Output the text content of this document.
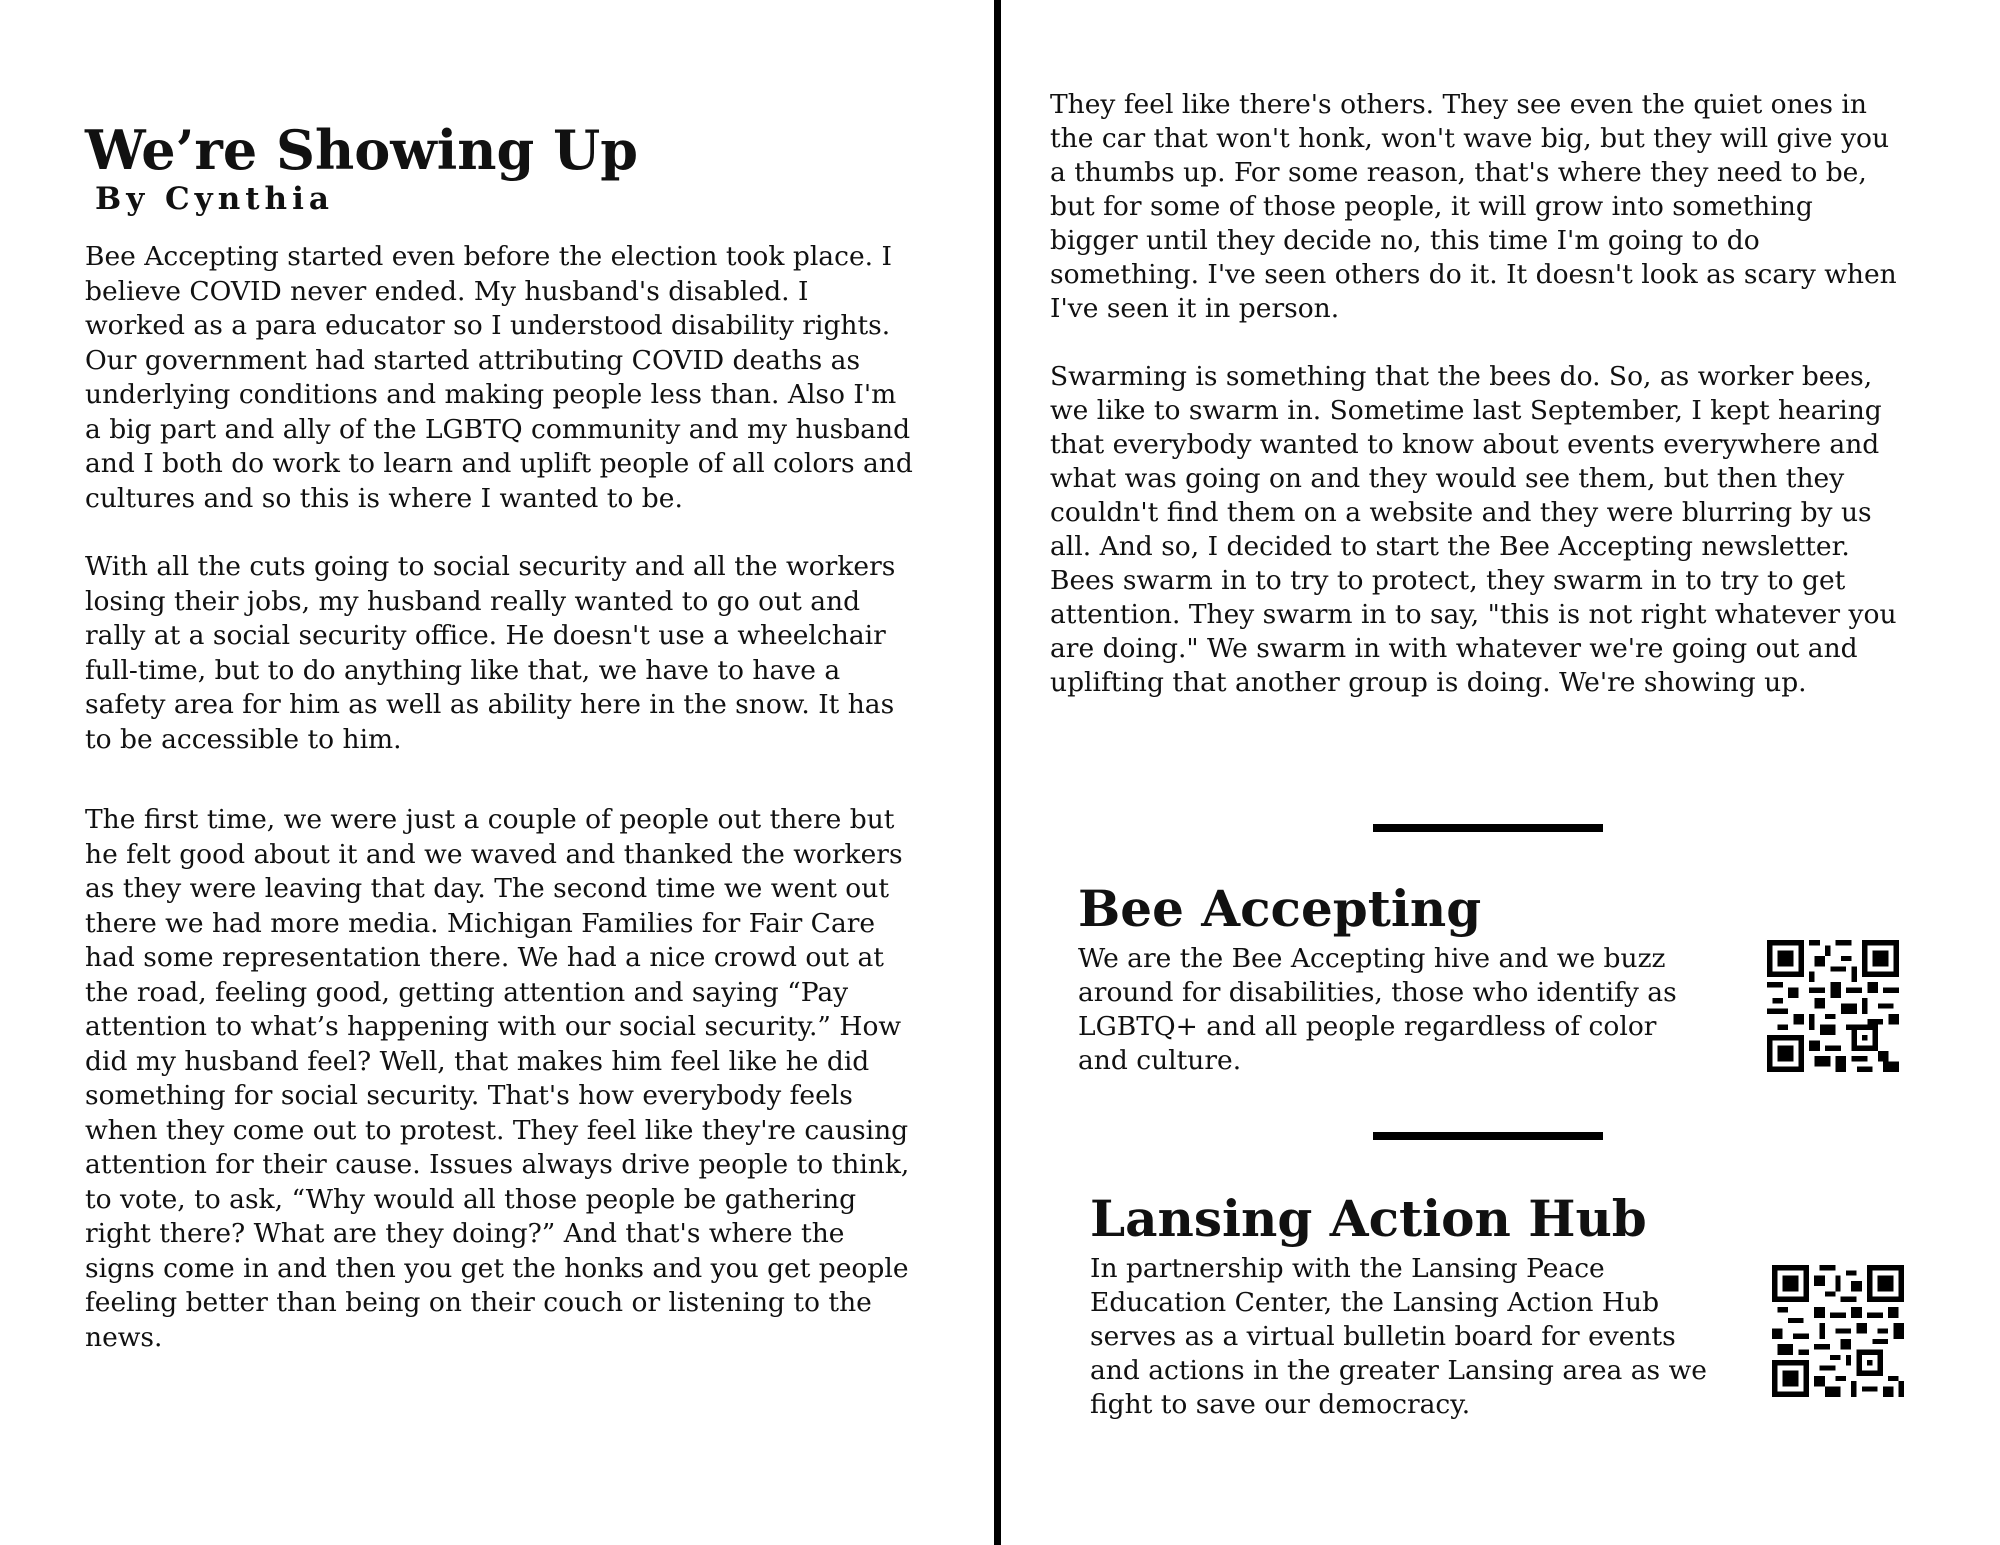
We’re Showing Up
By Cynthia

Bee Accepting started even before the election took place. I believe COVID never ended. My husband's disabled. I worked as a para educator so I understood disability rights. Our government had started attributing COVID deaths as underlying conditions and making people less than. Also I'm a big part and ally of the LGBTQ community and my husband and I both do work to learn and uplift people of all colors and cultures and so this is where I wanted to be.

With all the cuts going to social security and all the workers losing their jobs, my husband really wanted to go out and rally at a social security office. He doesn't use a wheelchair full-time, but to do anything like that, we have to have a safety area for him as well as ability here in the snow. It has to be accessible to him.

The first time, we were just a couple of people out there but he felt good about it and we waved and thanked the workers as they were leaving that day. The second time we went out there we had more media. Michigan Families for Fair Care had some representation there. We had a nice crowd out at the road, feeling good, getting attention and saying “Pay attention to what’s happening with our social security.” How did my husband feel? Well, that makes him feel like he did something for social security. That's how everybody feels when they come out to protest. They feel like they're causing attention for their cause. Issues always drive people to think, to vote, to ask, “Why would all those people be gathering right there? What are they doing?” And that's where the signs come in and then you get the honks and you get people feeling better than being on their couch or listening to the news.

They feel like there's others. They see even the quiet ones in the car that won't honk, won't wave big, but they will give you a thumbs up. For some reason, that's where they need to be, but for some of those people, it will grow into something bigger until they decide no, this time I'm going to do something. I've seen others do it. It doesn't look as scary when I've seen it in person.

Swarming is something that the bees do. So, as worker bees, we like to swarm in. Sometime last September, I kept hearing that everybody wanted to know about events everywhere and what was going on and they would see them, but then they couldn't find them on a website and they were blurring by us all. And so, I decided to start the Bee Accepting newsletter. Bees swarm in to try to protect, they swarm in to try to get attention. They swarm in to say, "this is not right whatever you are doing." We swarm in with whatever we're going out and uplifting that another group is doing. We're showing up.

Bee Accepting

We are the Bee Accepting hive and we buzz around for disabilities, those who identify as LGBTQ+ and all people regardless of color and culture.

Lansing Action Hub

In partnership with the Lansing Peace Education Center, the Lansing Action Hub serves as a virtual bulletin board for events and actions in the greater Lansing area as we fight to save our democracy.
